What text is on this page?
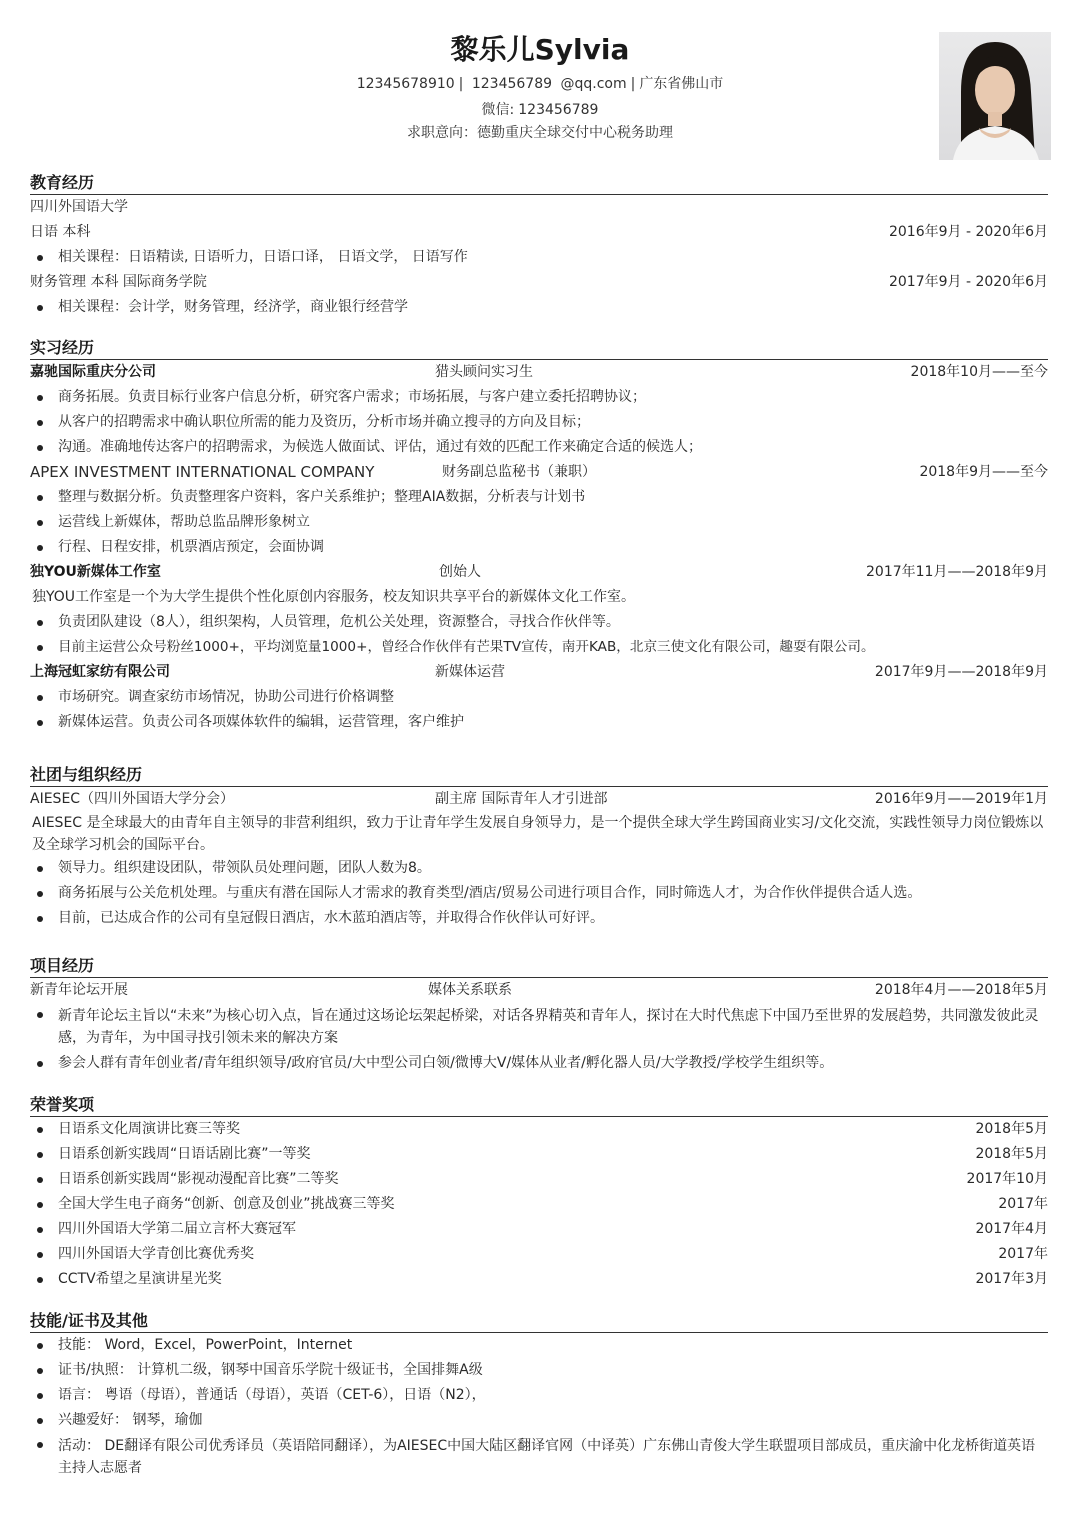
黎乐儿Sylvia
12345678910 | 123456789 @qq.com | 广东省佛山市
微信: 123456789
求职意向：德勤重庆全球交付中心税务助理
教育经历
四川外国语大学
日语 本科	2016年9月 - 2020年6月
相关课程：日语精读, 日语听力，日语口译， 日语文学， 日语写作
财务管理 本科 国际商务学院	2017年9月 - 2020年6月
相关课程：会计学，财务管理，经济学，商业银行经营学
实习经历
嘉驰国际重庆分公司	猎头顾问实习生	2018年10月——至今
商务拓展。负责目标行业客户信息分析，研究客户需求；市场拓展，与客户建立委托招聘协议；
从客户的招聘需求中确认职位所需的能力及资历，分析市场并确立搜寻的方向及目标；
沟通。准确地传达客户的招聘需求，为候选人做面试、评估，通过有效的匹配工作来确定合适的候选人；
APEX INVESTMENT INTERNATIONAL COMPANY	财务副总监秘书（兼职）	2018年9月——至今
整理与数据分析。负责整理客户资料，客户关系维护；整理AIA数据，分析表与计划书
运营线上新媒体，帮助总监品牌形象树立
行程、日程安排，机票酒店预定，会面协调
独YOU新媒体工作室	创始人	2017年11月——2018年9月
独YOU工作室是一个为大学生提供个性化原创内容服务，校友知识共享平台的新媒体文化工作室。
负责团队建设（8人），组织架构，人员管理，危机公关处理，资源整合，寻找合作伙伴等。
目前主运营公众号粉丝1000+，平均浏览量1000+，曾经合作伙伴有芒果TV宣传，南开KAB，北京三使文化有限公司，趣耍有限公司。
上海冠虹家纺有限公司	新媒体运营	2017年9月——2018年9月
市场研究。调查家纺市场情况，协助公司进行价格调整
新媒体运营。负责公司各项媒体软件的编辑，运营管理，客户维护
社团与组织经历
AIESEC（四川外国语大学分会）	副主席 国际青年人才引进部	2016年9月——2019年1月
AIESEC 是全球最大的由青年自主领导的非营利组织，致力于让青年学生发展自身领导力，是一个提供全球大学生跨国商业实习/文化交流，实践性领导力岗位锻炼以及全球学习机会的国际平台。
领导力。组织建设团队，带领队员处理问题，团队人数为8。
商务拓展与公关危机处理。与重庆有潜在国际人才需求的教育类型/酒店/贸易公司进行项目合作，同时筛选人才，为合作伙伴提供合适人选。
目前，已达成合作的公司有皇冠假日酒店，水木蓝珀酒店等，并取得合作伙伴认可好评。
项目经历
新青年论坛开展	媒体关系联系	2018年4月——2018年5月
新青年论坛主旨以“未来”为核心切入点，旨在通过这场论坛架起桥梁，对话各界精英和青年人，探讨在大时代焦虑下中国乃至世界的发展趋势，共同激发彼此灵感，为青年，为中国寻找引领未来的解决方案
参会人群有青年创业者/青年组织领导/政府官员/大中型公司白领/微博大V/媒体从业者/孵化器人员/大学教授/学校学生组织等。
荣誉奖项
日语系文化周演讲比赛三等奖	2018年5月
日语系创新实践周“日语话剧比赛”一等奖	2018年5月
日语系创新实践周“影视动漫配音比赛”二等奖	2017年10月
全国大学生电子商务“创新、创意及创业”挑战赛三等奖	2017年
四川外国语大学第二届立言杯大赛冠军	2017年4月
四川外国语大学青创比赛优秀奖	2017年
CCTV希望之星演讲星光奖	2017年3月
技能/证书及其他
技能： Word，Excel，PowerPoint，Internet
证书/执照： 计算机二级，钢琴中国音乐学院十级证书，全国排舞A级
语言： 粤语（母语），普通话（母语），英语（CET-6），日语（N2），
兴趣爱好： 钢琴，瑜伽
活动： DE翻译有限公司优秀译员（英语陪同翻译），为AIESEC中国大陆区翻译官网（中译英）广东佛山青俊大学生联盟项目部成员，重庆渝中化龙桥街道英语主持人志愿者
